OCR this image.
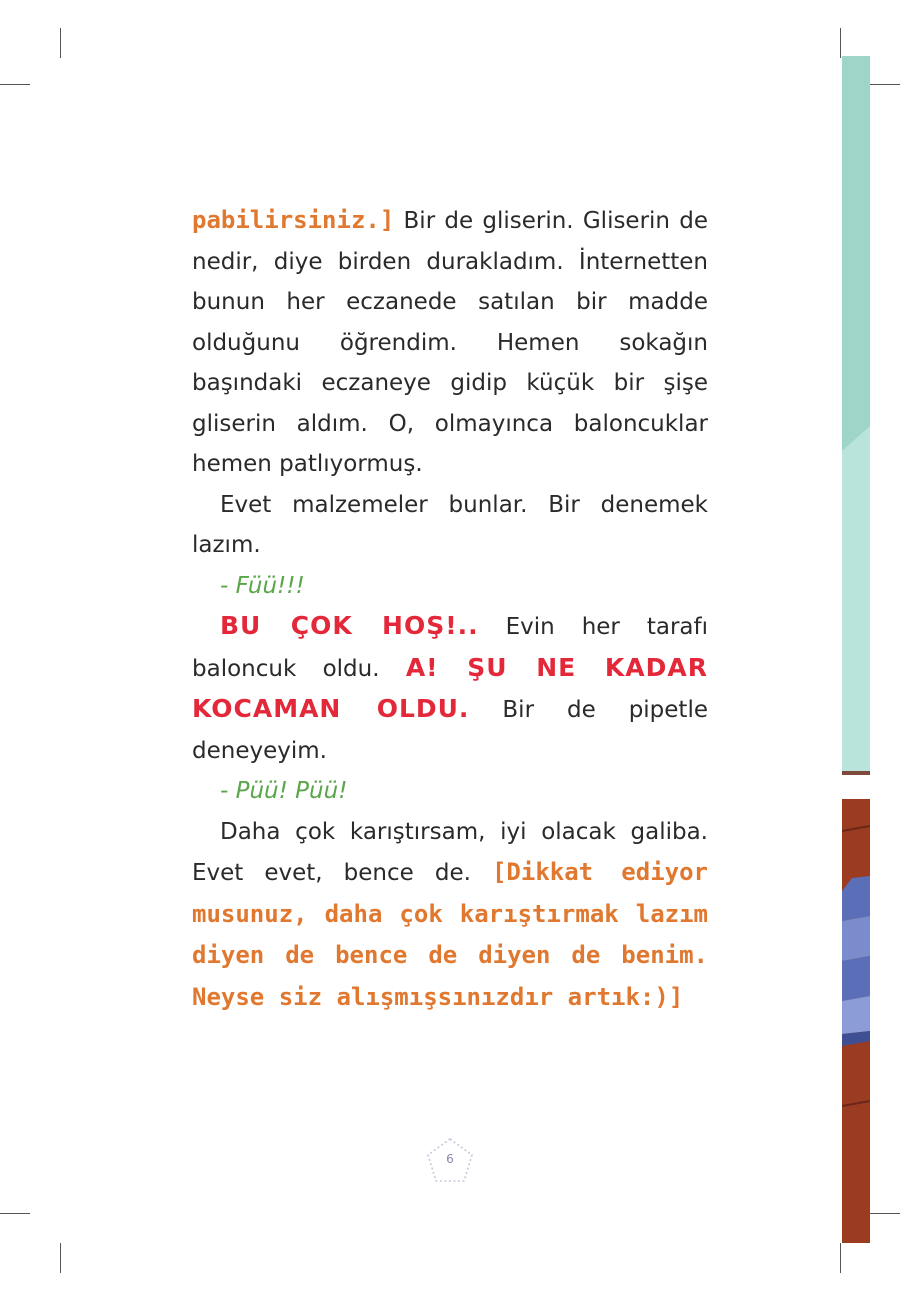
pabilirsiniz.] Bir de gliserin. Gliserin de nedir, diye birden durakladım. İnternetten bunun her eczanede satılan bir madde olduğunu öğrendim. Hemen sokağın başındaki eczaneye gidip küçük bir şişe gliserin aldım. O, olmayınca baloncuklar hemen patlıyormuş.

Evet malzemeler bunlar. Bir denemek lazım.

- Füü!!!

BU ÇOK HOŞ!.. Evin her tarafı baloncuk oldu. A! ŞU NE KADAR KOCAMAN OLDU. Bir de pipetle deneyeyim.

- Püü! Püü!

Daha çok karıştırsam, iyi olacak galiba. Evet evet, bence de. [Dikkat ediyor musunuz, daha çok karıştırmak lazım diyen de bence de diyen de benim. Neyse siz alışmışsınızdır artık:)]

6
